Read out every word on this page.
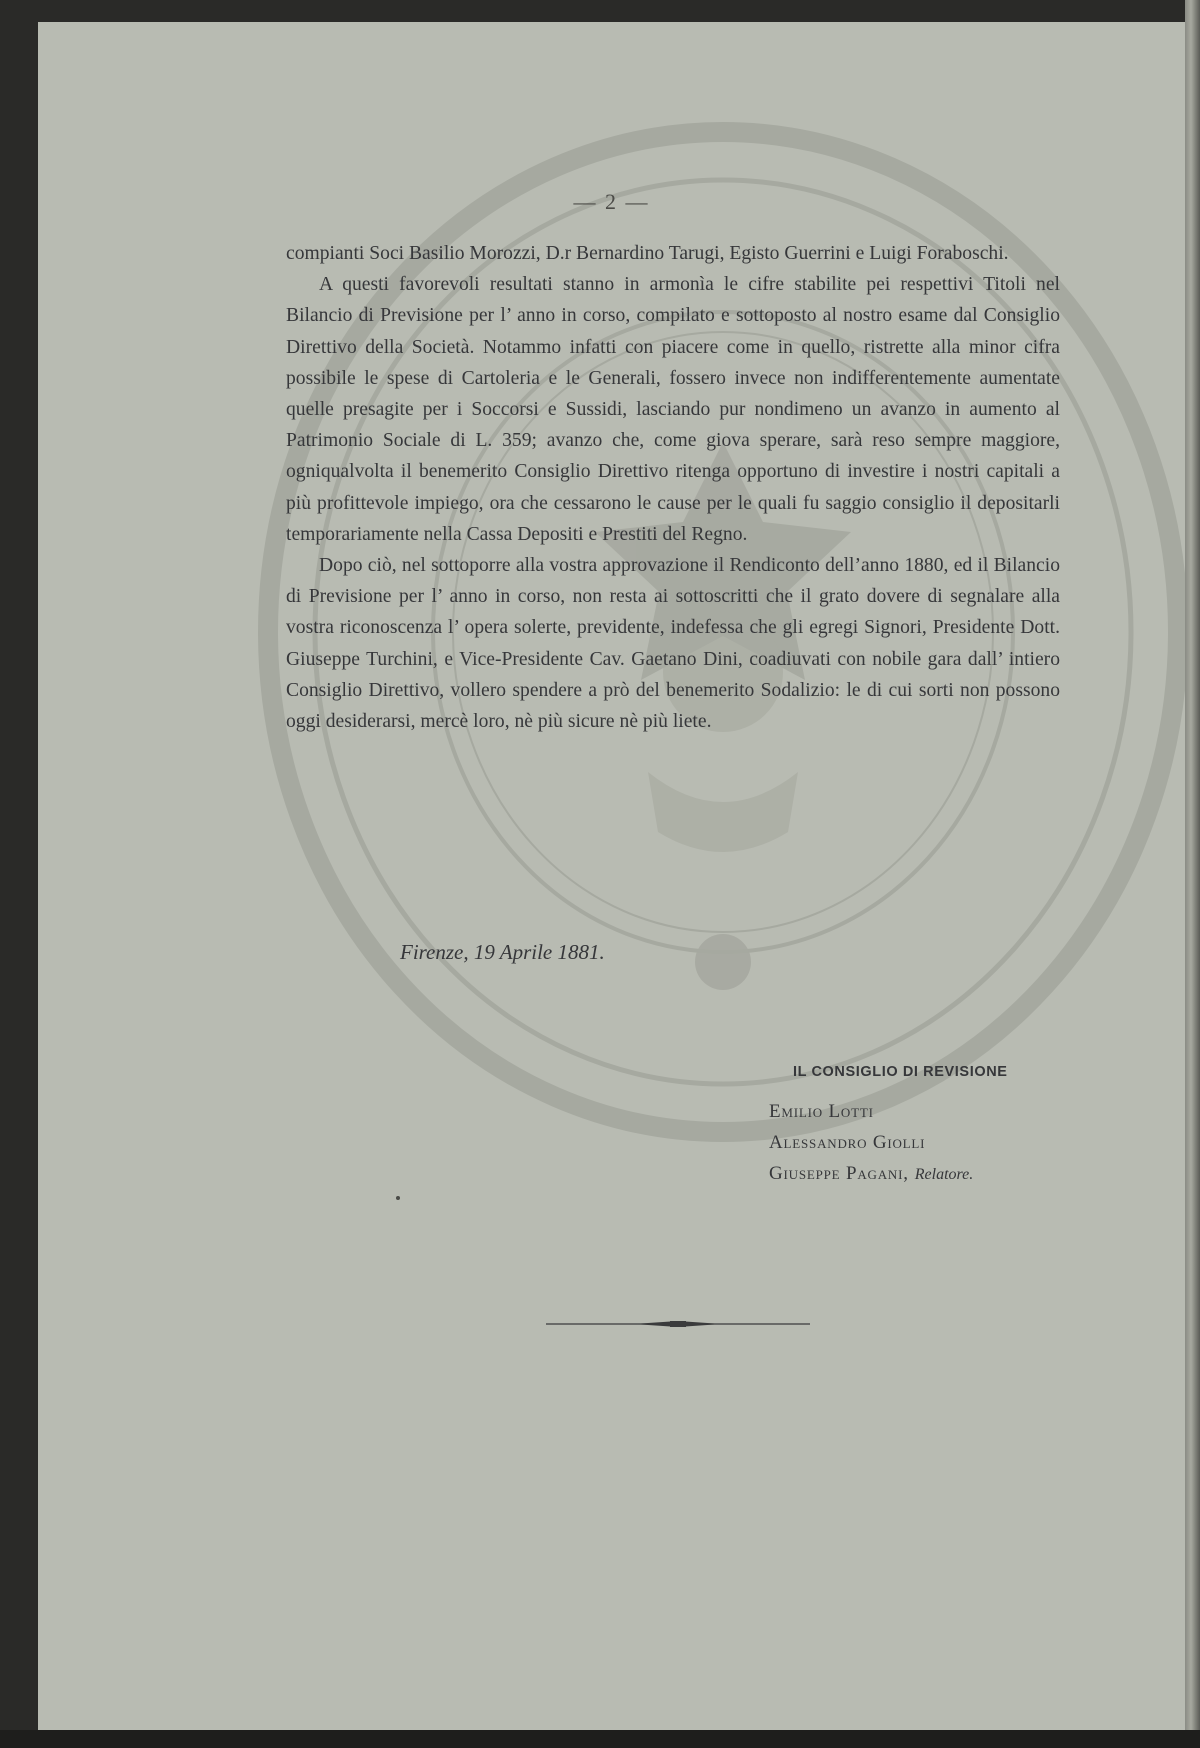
— 2 —

compianti Soci Basilio Morozzi, D.r Bernardino Tarugi, Egisto Guerrini e Luigi Foraboschi.

A questi favorevoli resultati stanno in armonìa le cifre stabilite pei respettivi Titoli nel Bilancio di Previsione per l’ anno in corso, compilato e sottoposto al nostro esame dal Consiglio Direttivo della Società. Notammo infatti con piacere come in quello, ristrette alla minor cifra possibile le spese di Cartoleria e le Generali, fossero invece non indifferentemente aumentate quelle presagite per i Soccorsi e Sussidi, lasciando pur nondimeno un avanzo in aumento al Patrimonio Sociale di L. 359; avanzo che, come giova sperare, sarà reso sempre maggiore, ogniqualvolta il benemerito Consiglio Direttivo ritenga opportuno di investire i nostri capitali a più profittevole impiego, ora che cessarono le cause per le quali fu saggio consiglio il depositarli temporariamente nella Cassa Depositi e Prestiti del Regno.

Dopo ciò, nel sottoporre alla vostra approvazione il Rendiconto dell’anno 1880, ed il Bilancio di Previsione per l’ anno in corso, non resta ai sottoscritti che il grato dovere di segnalare alla vostra riconoscenza l’ opera solerte, previdente, indefessa che gli egregi Signori, Presidente Dott. Giuseppe Turchini, e Vice-Presidente Cav. Gaetano Dini, coadiuvati con nobile gara dall’ intiero Consiglio Direttivo, vollero spendere a prò del benemerito Sodalizio: le di cui sorti non possono oggi desiderarsi, mercè loro, nè più sicure nè più liete.

Firenze, 19 Aprile 1881.
IL CONSIGLIO DI REVISIONE
Emilio Lotti
Alessandro Giolli
Giuseppe Pagani, Relatore.
